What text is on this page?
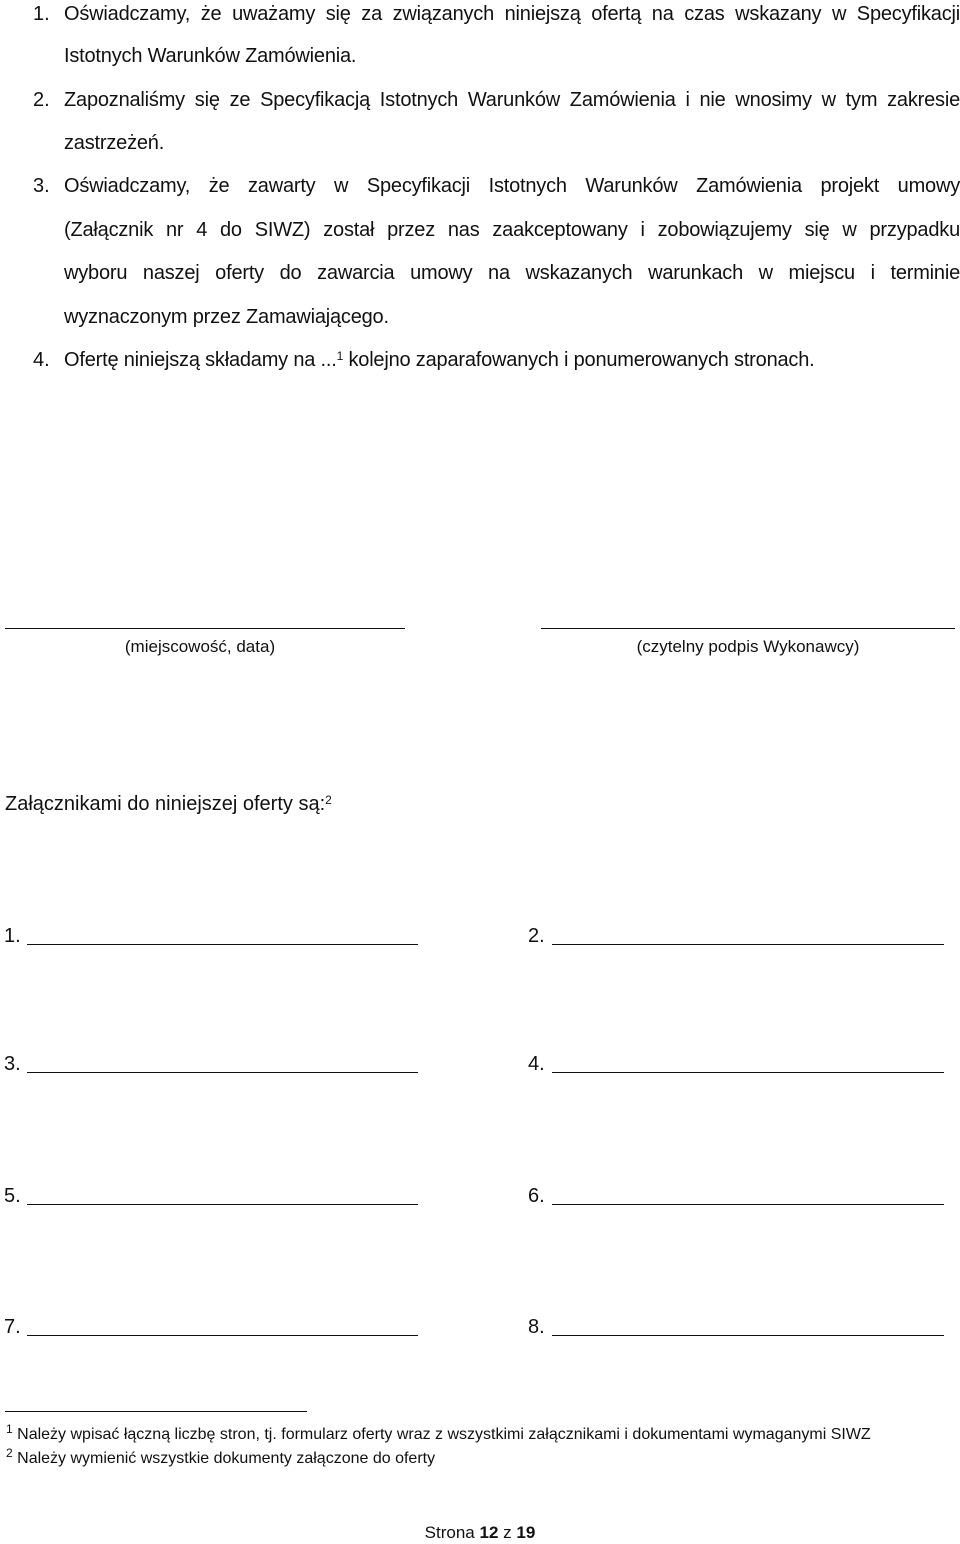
1. Oświadczamy, że uważamy się za związanych niniejszą ofertą na czas wskazany w Specyfikacji
Istotnych Warunków Zamówienia.
2. Zapoznaliśmy się ze Specyfikacją Istotnych Warunków Zamówienia i nie wnosimy w tym zakresie
zastrzeżeń.
3. Oświadczamy, że zawarty w Specyfikacji Istotnych Warunków Zamówienia projekt umowy
(Załącznik nr 4 do SIWZ) został przez nas zaakceptowany i zobowiązujemy się w przypadku
wyboru naszej oferty do zawarcia umowy na wskazanych warunkach w miejscu i terminie
wyznaczonym przez Zamawiającego.
4. Ofertę niniejszą składamy na ...$^1$ kolejno zaparafowanych i ponumerowanych stronach.
(miejscowość, data)	(czytelny podpis Wykonawcy)
Załącznikami do niniejszej oferty są:$^2$
1.	2.
3.	4.
5.	6.
7.	8.
$^1$ Należy wpisać łączną liczbę stron, tj. formularz oferty wraz z wszystkimi załącznikami i dokumentami wymaganymi SIWZ
$^2$ Należy wymienić wszystkie dokumenty załączone do oferty
Strona 12 z 19
